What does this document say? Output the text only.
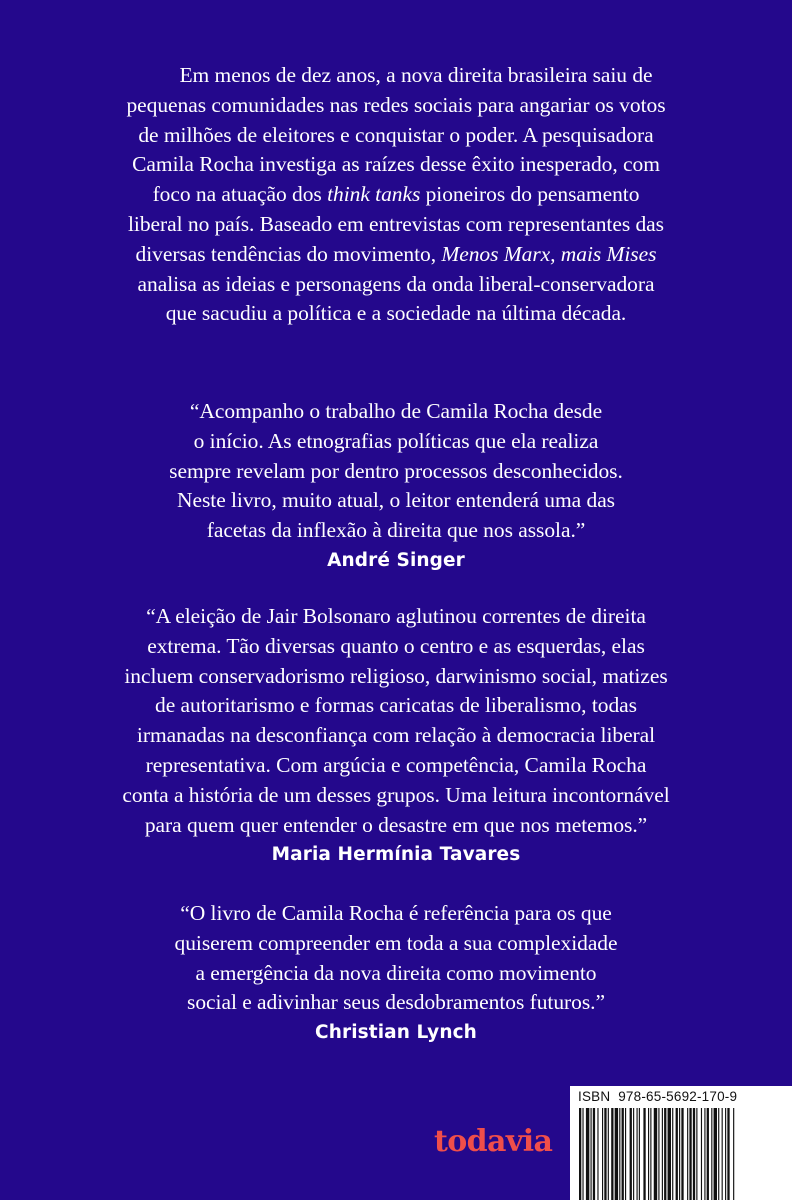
Em menos de dez anos, a nova direita brasileira saiu de

pequenas comunidades nas redes sociais para angariar os votos

de milhões de eleitores e conquistar o poder. A pesquisadora

Camila Rocha investiga as raízes desse êxito inesperado, com

foco na atuação dos think tanks pioneiros do pensamento

liberal no país. Baseado em entrevistas com representantes das

diversas tendências do movimento, Menos Marx, mais Mises

analisa as ideias e personagens da onda liberal-conservadora

que sacudiu a política e a sociedade na última década.

“Acompanho o trabalho de Camila Rocha desde

o início. As etnografias políticas que ela realiza

sempre revelam por dentro processos desconhecidos.

Neste livro, muito atual, o leitor entenderá uma das

facetas da inflexão à direita que nos assola.”

André Singer

“A eleição de Jair Bolsonaro aglutinou correntes de direita

extrema. Tão diversas quanto o centro e as esquerdas, elas

incluem conservadorismo religioso, darwinismo social, matizes

de autoritarismo e formas caricatas de liberalismo, todas

irmanadas na desconfiança com relação à democracia liberal

representativa. Com argúcia e competência, Camila Rocha

conta a história de um desses grupos. Uma leitura incontornável

para quem quer entender o desastre em que nos metemos.”

Maria Hermínia Tavares

“O livro de Camila Rocha é referência para os que

quiserem compreender em toda a sua complexidade

a emergência da nova direita como movimento

social e adivinhar seus desdobramentos futuros.”

Christian Lynch

todavia
ISBN 978-65-5692-170-9
